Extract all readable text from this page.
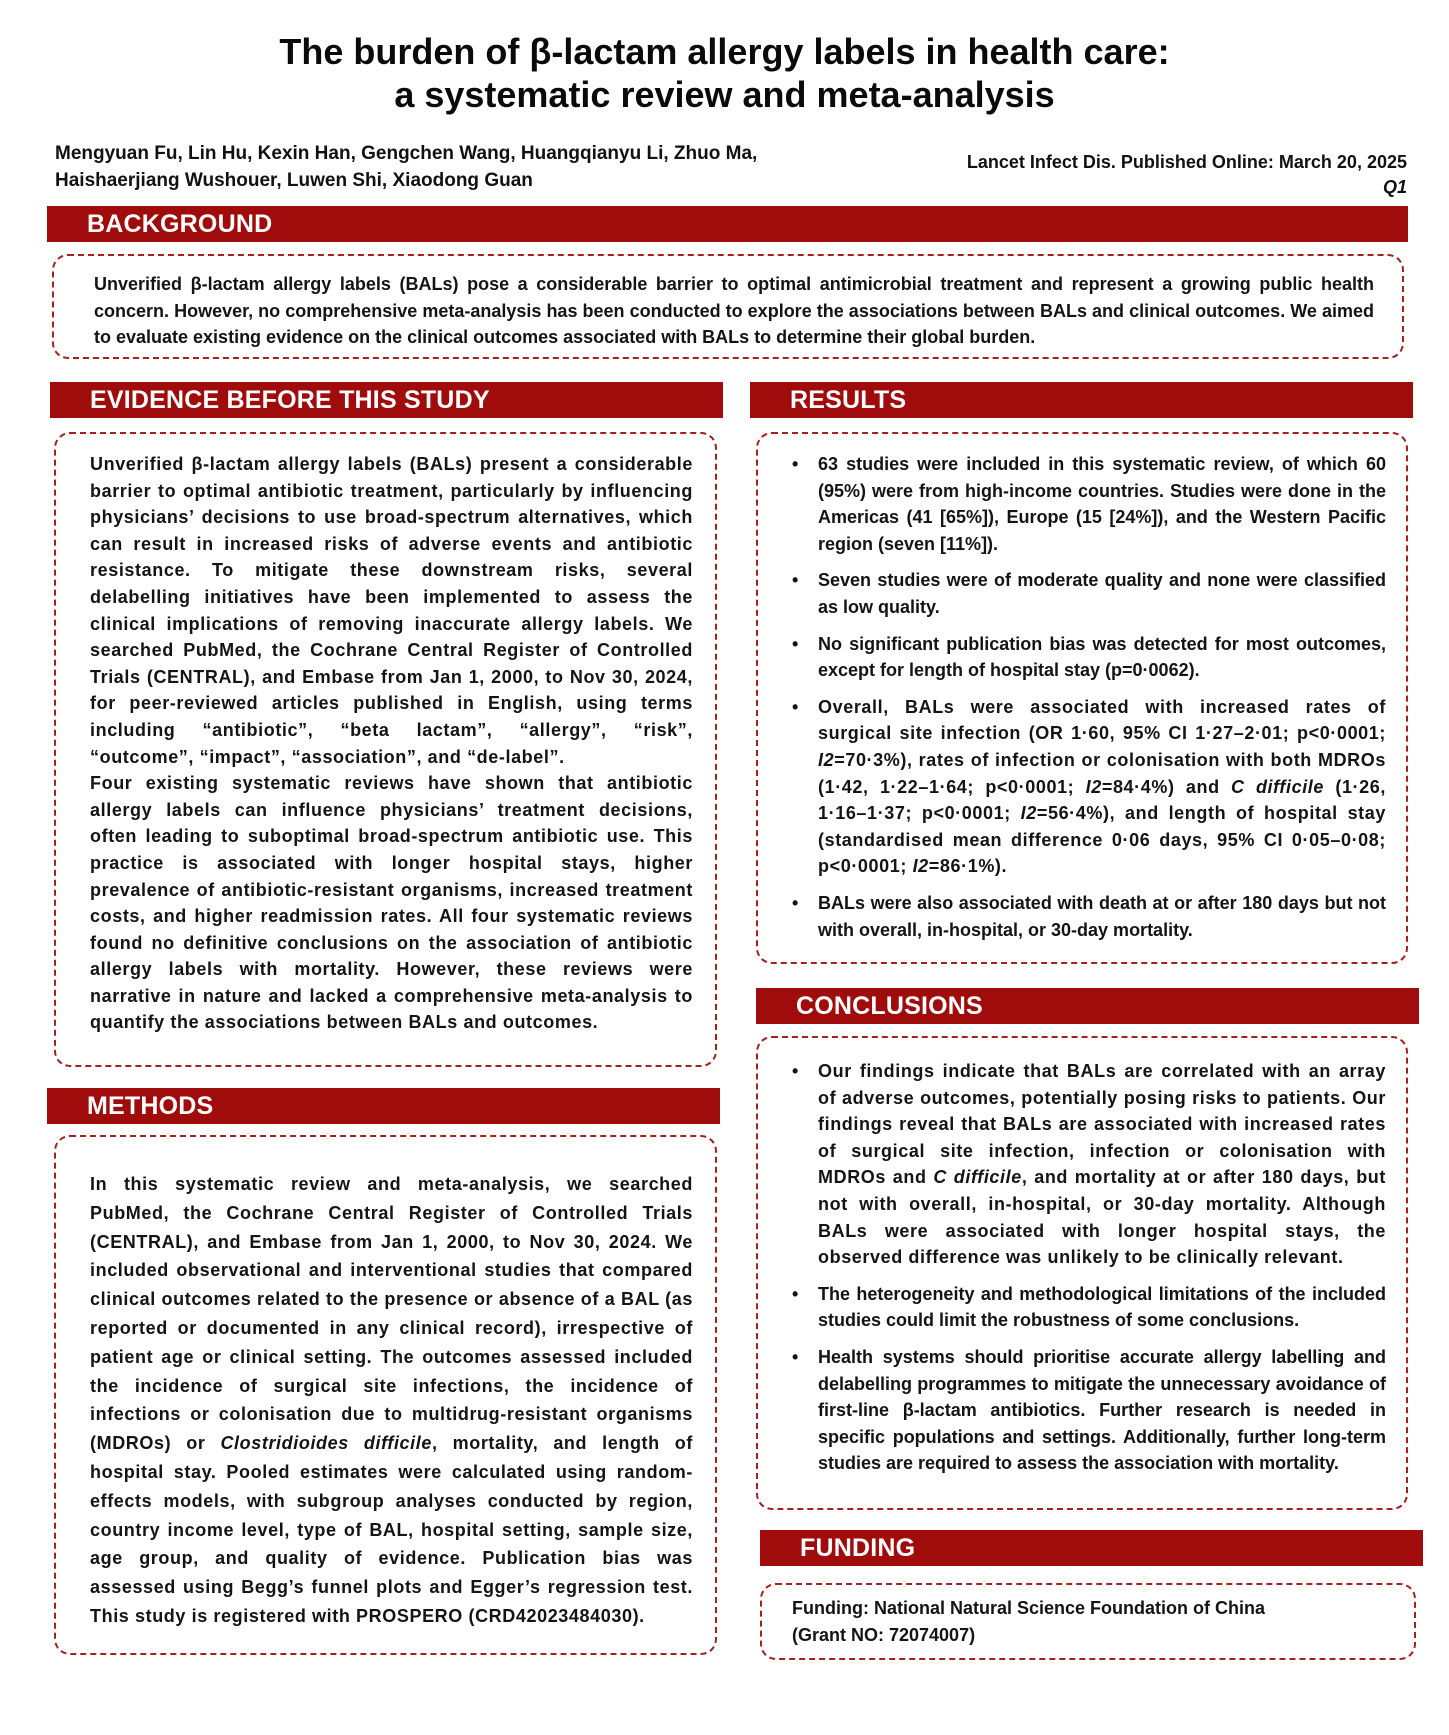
The burden of β-lactam allergy labels in health care:
a systematic review and meta-analysis
Mengyuan Fu, Lin Hu, Kexin Han, Gengchen Wang, Huangqianyu Li, Zhuo Ma,
Haishaerjiang Wushouer, Luwen Shi, Xiaodong Guan
Lancet Infect Dis. Published Online: March 20, 2025
Q1
BACKGROUND
Unverified β-lactam allergy labels (BALs) pose a considerable barrier to optimal antimicrobial treatment and represent a growing public health concern. However, no comprehensive meta-analysis has been conducted to explore the associations between BALs and clinical outcomes. We aimed to evaluate existing evidence on the clinical outcomes associated with BALs to determine their global burden.
EVIDENCE BEFORE THIS STUDY
Unverified β-lactam allergy labels (BALs) present a considerable barrier to optimal antibiotic treatment, particularly by influencing physicians’ decisions to use broad-spectrum alternatives, which can result in increased risks of adverse events and antibiotic resistance. To mitigate these downstream risks, several delabelling initiatives have been implemented to assess the clinical implications of removing inaccurate allergy labels. We searched PubMed, the Cochrane Central Register of Controlled Trials (CENTRAL), and Embase from Jan 1, 2000, to Nov 30, 2024, for peer-reviewed articles published in English, using terms including “antibiotic”, “beta lactam”, “allergy”, “risk”, “outcome”, “impact”, “association”, and “de-label”.
Four existing systematic reviews have shown that antibiotic allergy labels can influence physicians’ treatment decisions, often leading to suboptimal broad-spectrum antibiotic use. This practice is associated with longer hospital stays, higher prevalence of antibiotic-resistant organisms, increased treatment costs, and higher readmission rates. All four systematic reviews found no definitive conclusions on the association of antibiotic allergy labels with mortality. However, these reviews were narrative in nature and lacked a comprehensive meta-analysis to quantify the associations between BALs and outcomes.
METHODS
In this systematic review and meta-analysis, we searched PubMed, the Cochrane Central Register of Controlled Trials (CENTRAL), and Embase from Jan 1, 2000, to Nov 30, 2024. We included observational and interventional studies that compared clinical outcomes related to the presence or absence of a BAL (as reported or documented in any clinical record), irrespective of patient age or clinical setting. The outcomes assessed included the incidence of surgical site infections, the incidence of infections or colonisation due to multidrug-resistant organisms (MDROs) or Clostridioides difficile, mortality, and length of hospital stay. Pooled estimates were calculated using random-effects models, with subgroup analyses conducted by region, country income level, type of BAL, hospital setting, sample size, age group, and quality of evidence. Publication bias was assessed using Begg’s funnel plots and Egger’s regression test. This study is registered with PROSPERO (CRD42023484030).
RESULTS
• 63 studies were included in this systematic review, of which 60 (95%) were from high-income countries. Studies were done in the Americas (41 [65%]), Europe (15 [24%]), and the Western Pacific region (seven [11%]).
• Seven studies were of moderate quality and none were classified as low quality.
• No significant publication bias was detected for most outcomes, except for length of hospital stay (p=0·0062).
• Overall, BALs were associated with increased rates of surgical site infection (OR 1·60, 95% CI 1·27–2·01; p<0·0001; I2=70·3%), rates of infection or colonisation with both MDROs (1·42, 1·22–1·64; p<0·0001; I2=84·4%) and C difficile (1·26, 1·16–1·37; p<0·0001; I2=56·4%), and length of hospital stay (standardised mean difference 0·06 days, 95% CI 0·05–0·08; p<0·0001; I2=86·1%).
• BALs were also associated with death at or after 180 days but not with overall, in-hospital, or 30-day mortality.
CONCLUSIONS
• Our findings indicate that BALs are correlated with an array of adverse outcomes, potentially posing risks to patients. Our findings reveal that BALs are associated with increased rates of surgical site infection, infection or colonisation with MDROs and C difficile, and mortality at or after 180 days, but not with overall, in-hospital, or 30-day mortality. Although BALs were associated with longer hospital stays, the observed difference was unlikely to be clinically relevant.
• The heterogeneity and methodological limitations of the included studies could limit the robustness of some conclusions.
• Health systems should prioritise accurate allergy labelling and delabelling programmes to mitigate the unnecessary avoidance of first-line β-lactam antibiotics. Further research is needed in specific populations and settings. Additionally, further long-term studies are required to assess the association with mortality.
FUNDING
Funding: National Natural Science Foundation of China
(Grant NO: 72074007)
